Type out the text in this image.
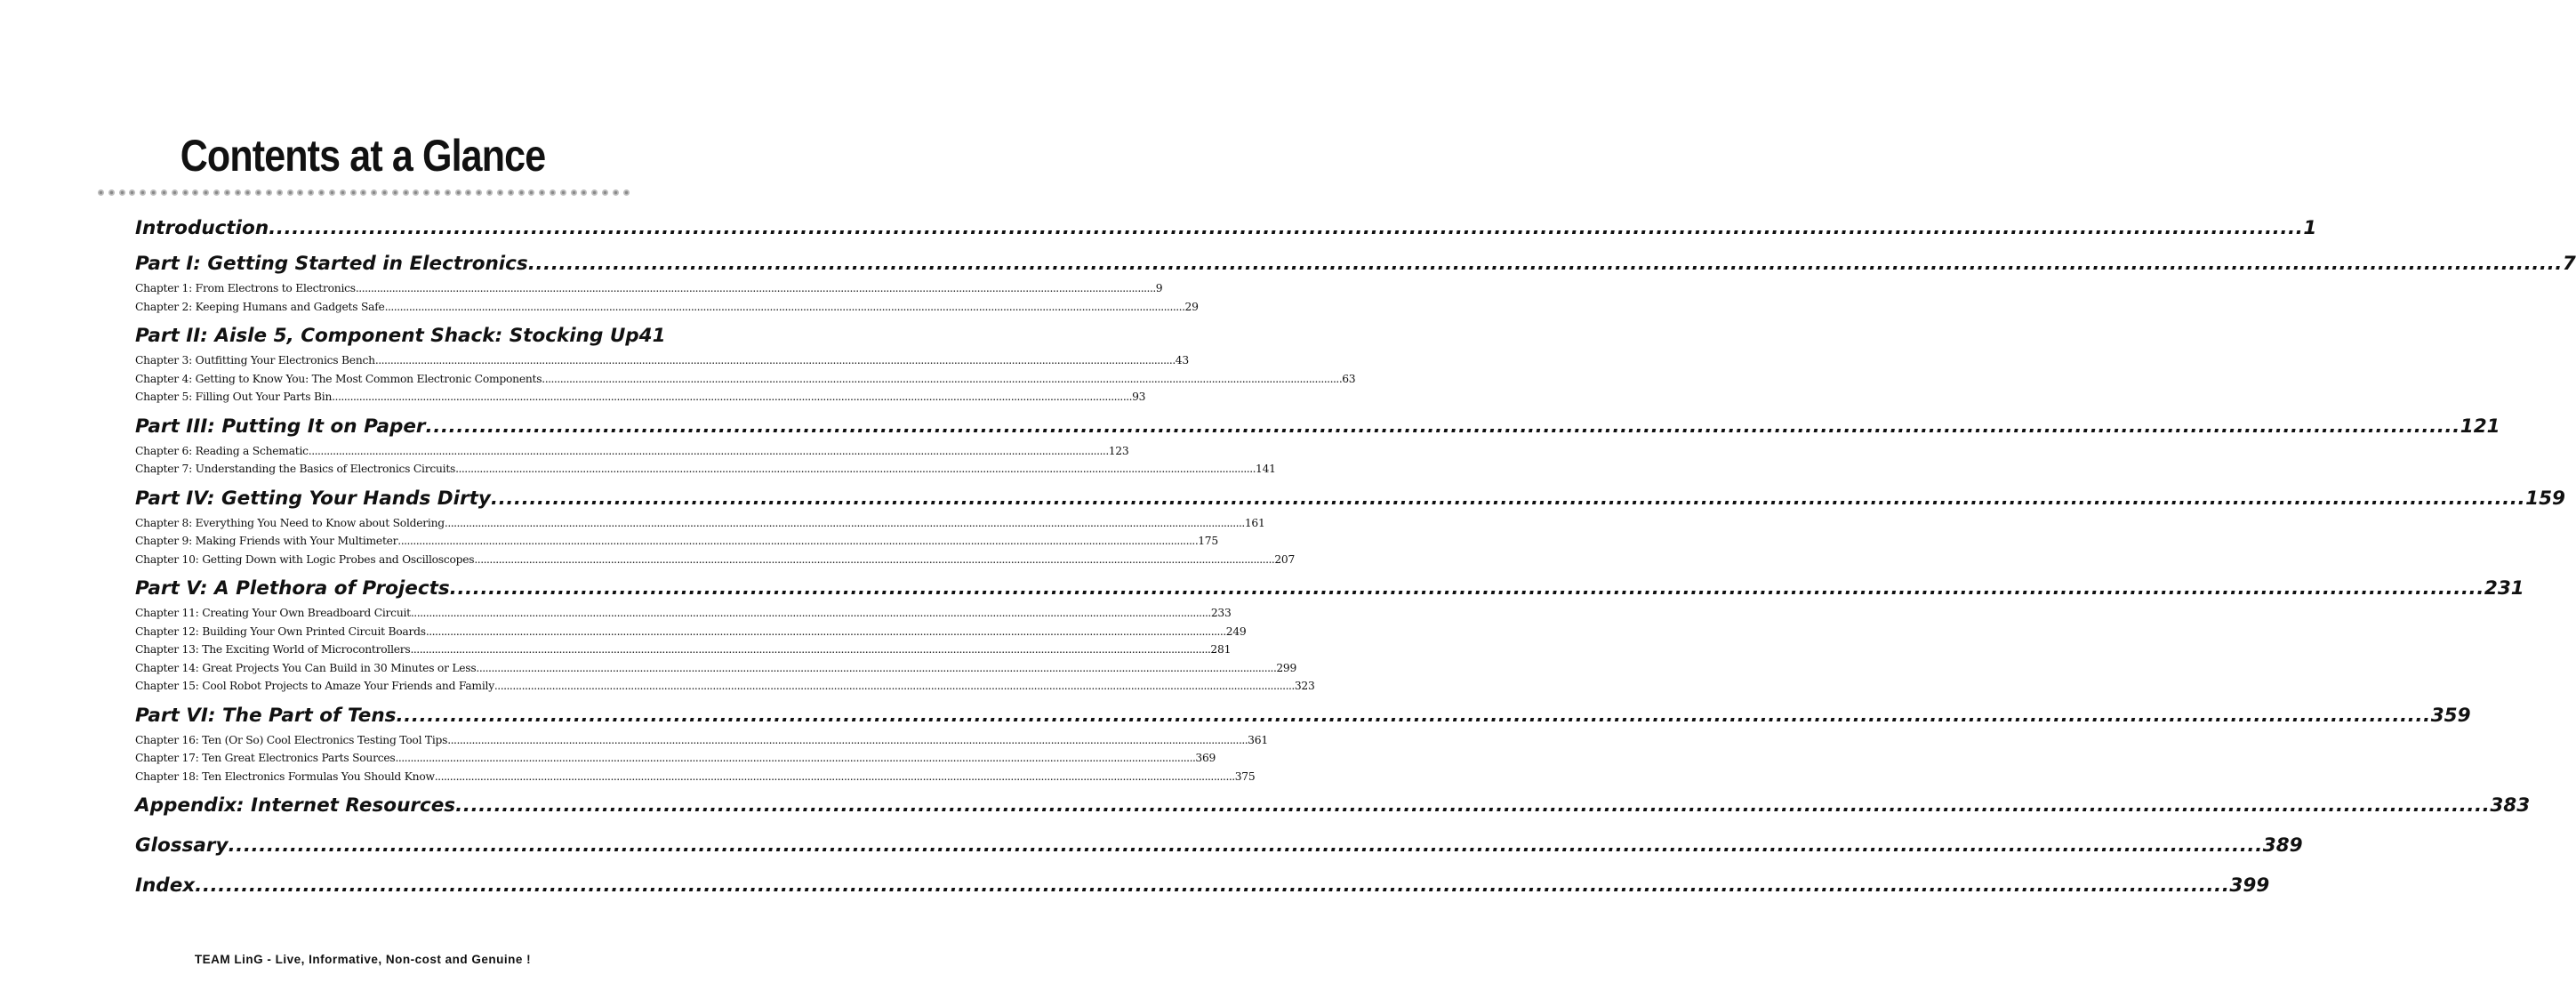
Contents at a Glance
Introduction .....	1
Part I: Getting Started in Electronics .....	7
Chapter 1: From Electrons to Electronics .....	9
Chapter 2: Keeping Humans and Gadgets Safe .....	29
Part II: Aisle 5, Component Shack: Stocking Up 41
Chapter 3: Outfitting Your Electronics Bench .....	43
Chapter 4: Getting to Know You: The Most Common Electronic Components .....	63
Chapter 5: Filling Out Your Parts Bin .....	93
Part III: Putting It on Paper .....	121
Chapter 6: Reading a Schematic .....	123
Chapter 7: Understanding the Basics of Electronics Circuits .....	141
Part IV: Getting Your Hands Dirty .....	159
Chapter 8: Everything You Need to Know about Soldering .....	161
Chapter 9: Making Friends with Your Multimeter .....	175
Chapter 10: Getting Down with Logic Probes and Oscilloscopes .....	207
Part V: A Plethora of Projects .....	231
Chapter 11: Creating Your Own Breadboard Circuit .....	233
Chapter 12: Building Your Own Printed Circuit Boards .....	249
Chapter 13: The Exciting World of Microcontrollers .....	281
Chapter 14: Great Projects You Can Build in 30 Minutes or Less .....	299
Chapter 15: Cool Robot Projects to Amaze Your Friends and Family .....	323
Part VI: The Part of Tens .....	359
Chapter 16: Ten (Or So) Cool Electronics Testing Tool Tips .....	361
Chapter 17: Ten Great Electronics Parts Sources .....	369
Chapter 18: Ten Electronics Formulas You Should Know .....	375
Appendix: Internet Resources .....	383
Glossary .....	389
Index .....	399

TEAM LinG - Live, Informative, Non-cost and Genuine !
